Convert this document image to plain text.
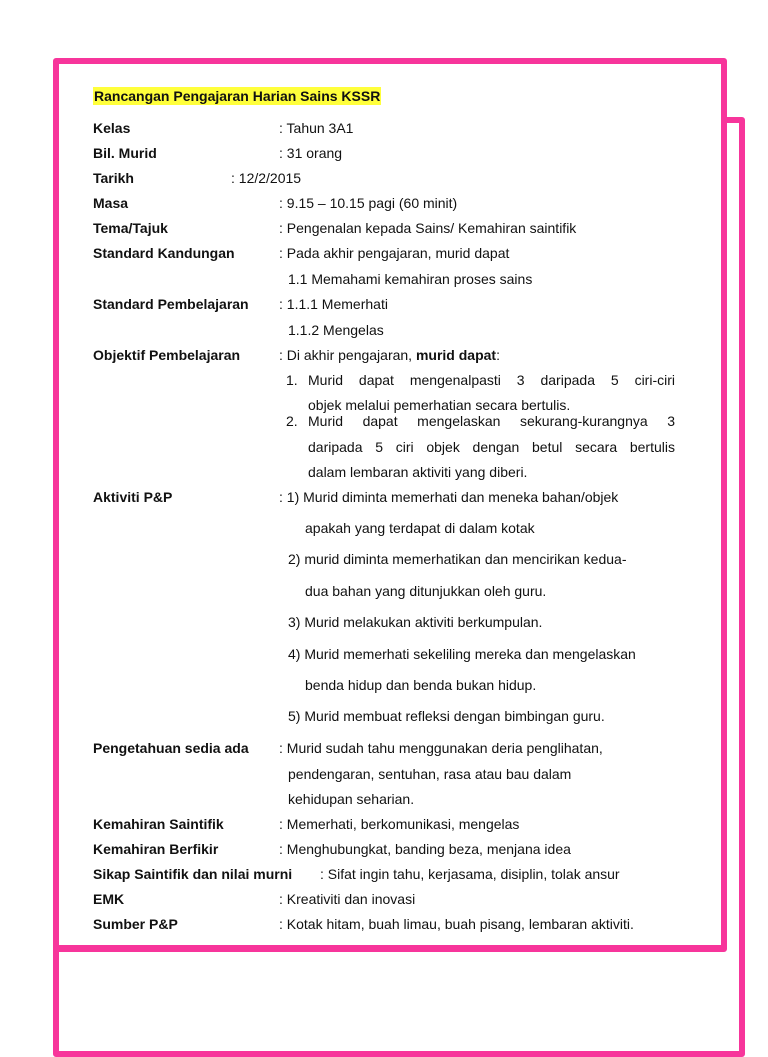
Rancangan Pengajaran Harian Sains KSSR
Kelas	: Tahun 3A1
Bil. Murid	: 31 orang
Tarikh	: 12/2/2015
Masa	: 9.15 – 10.15 pagi (60 minit)
Tema/Tajuk	: Pengenalan kepada Sains/ Kemahiran saintifik
Standard Kandungan	: Pada akhir pengajaran, murid dapat
1.1 Memahami kemahiran proses sains
Standard Pembelajaran : 1.1.1 Memerhati
1.1.2 Mengelas
Objektif Pembelajaran	: Di akhir pengajaran, murid dapat:
1. Murid dapat mengenalpasti 3 daripada 5 ciri-ciri
objek melalui pemerhatian secara bertulis.
2. Murid dapat mengelaskan sekurang-kurangnya 3
daripada 5 ciri objek dengan betul secara bertulis
dalam lembaran aktiviti yang diberi.
Aktiviti P&P	: 1) Murid diminta memerhati dan meneka bahan/objek
apakah yang terdapat di dalam kotak
2) murid diminta memerhatikan dan mencirikan kedua-
dua bahan yang ditunjukkan oleh guru.
3) Murid melakukan aktiviti berkumpulan.
4) Murid memerhati sekeliling mereka dan mengelaskan
benda hidup dan benda bukan hidup.
5) Murid membuat refleksi dengan bimbingan guru.
Pengetahuan sedia ada : Murid sudah tahu menggunakan deria penglihatan,
pendengaran, sentuhan, rasa atau bau dalam
kehidupan seharian.
Kemahiran Saintifik	: Memerhati, berkomunikasi, mengelas
Kemahiran Berfikir	: Menghubungkat, banding beza, menjana idea
Sikap Saintifik dan nilai murni : Sifat ingin tahu, kerjasama, disiplin, tolak ansur
EMK	: Kreativiti dan inovasi
Sumber P&P	: Kotak hitam, buah limau, buah pisang, lembaran aktiviti.
